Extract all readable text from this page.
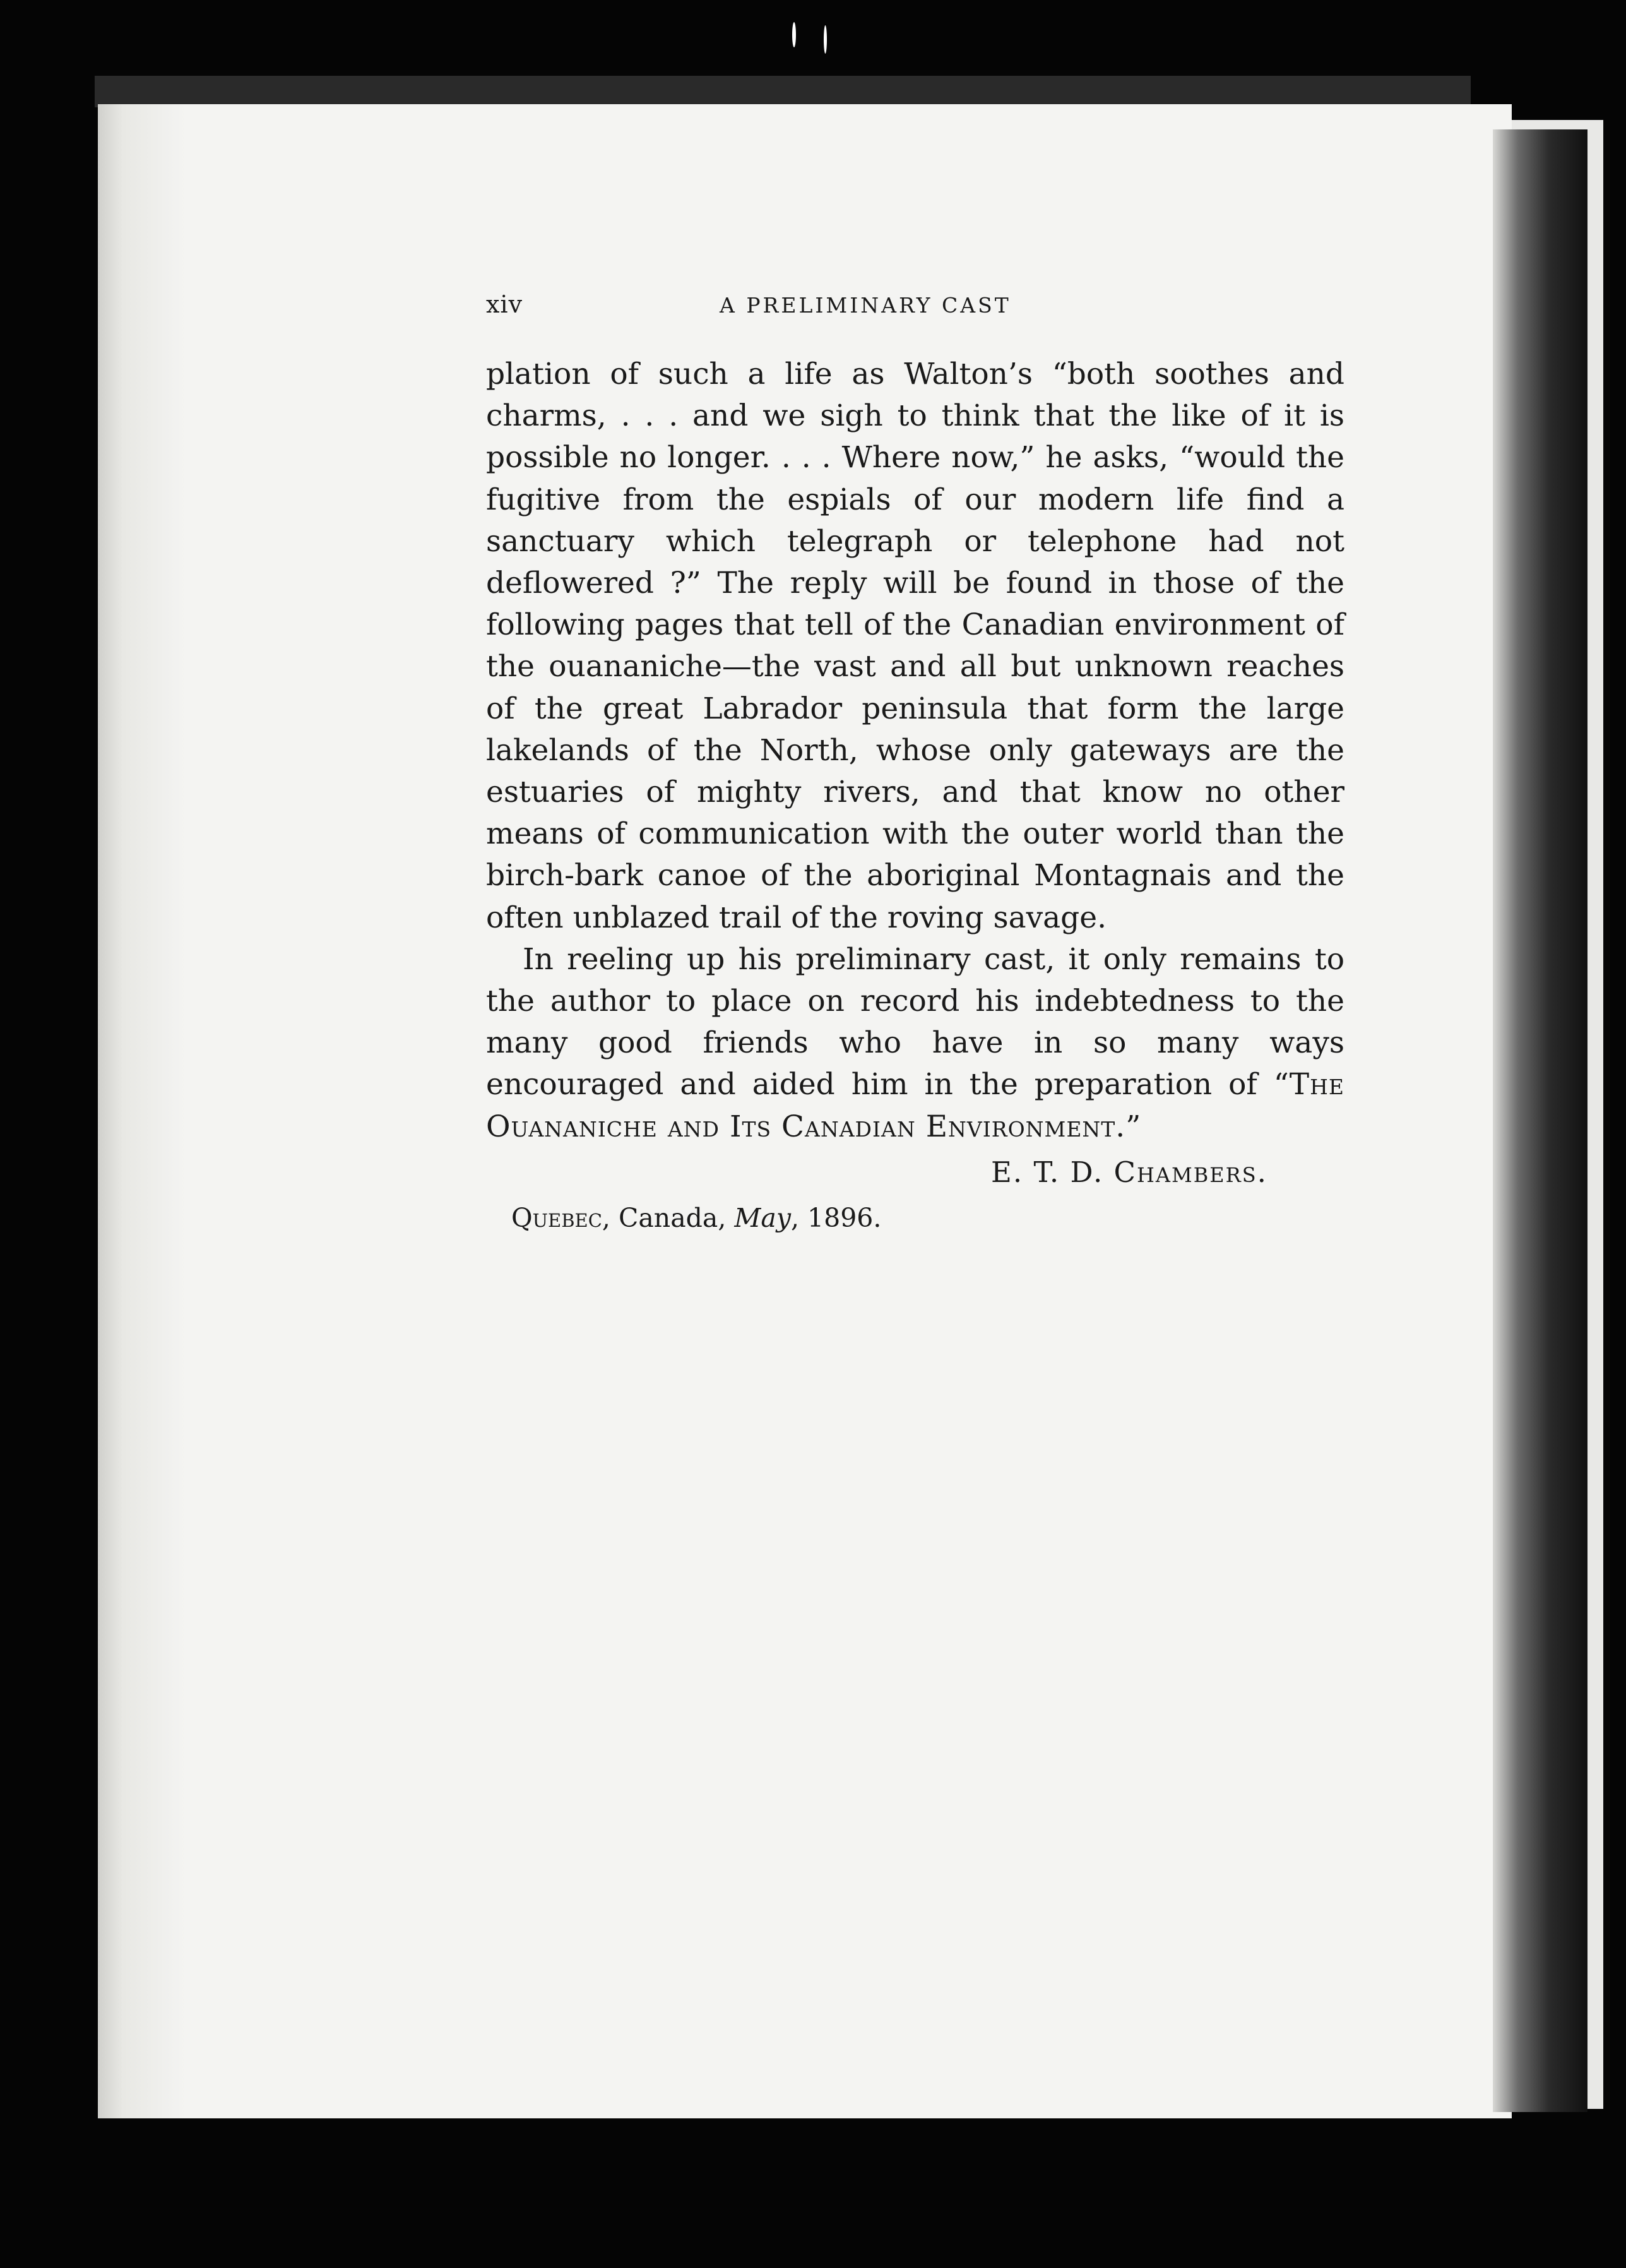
xiv	A PRELIMINARY CAST

plation of such a life as Walton’s “both soothes and charms, . . . and we sigh to think that the like of it is possible no longer. . . . Where now,” he asks, “would the fugitive from the espials of our modern life find a sanctuary which telegraph or telephone had not deflowered ?” The reply will be found in those of the following pages that tell of the Canadian environment of the ouananiche—the vast and all but unknown reaches of the great Labrador peninsula that form the large lakelands of the North, whose only gateways are the estuaries of mighty rivers, and that know no other means of communication with the outer world than the birch-bark canoe of the aboriginal Montagnais and the often unblazed trail of the roving savage.

In reeling up his preliminary cast, it only remains to the author to place on record his indebtedness to the many good friends who have in so many ways encouraged and aided him in the preparation of “The Ouananiche and Its Canadian Environment.”

E. T. D. Chambers.
Quebec, Canada, May, 1896.
